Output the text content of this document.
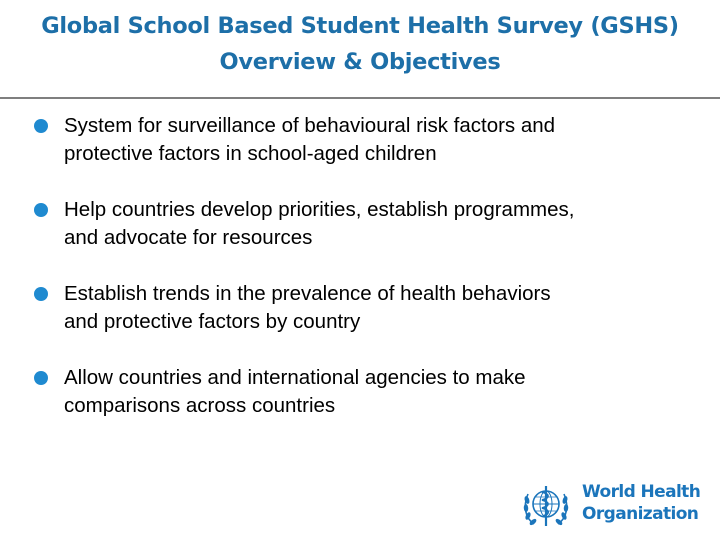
Global School Based Student Health Survey (GSHS)
Overview & Objectives
System for surveillance of behavioural risk factors and
protective factors in school-aged children
Help countries develop priorities, establish programmes,
and advocate for resources
Establish trends in the prevalence of health behaviors
and protective factors by country
Allow countries and international agencies to make
comparisons across countries
World Health
Organization
